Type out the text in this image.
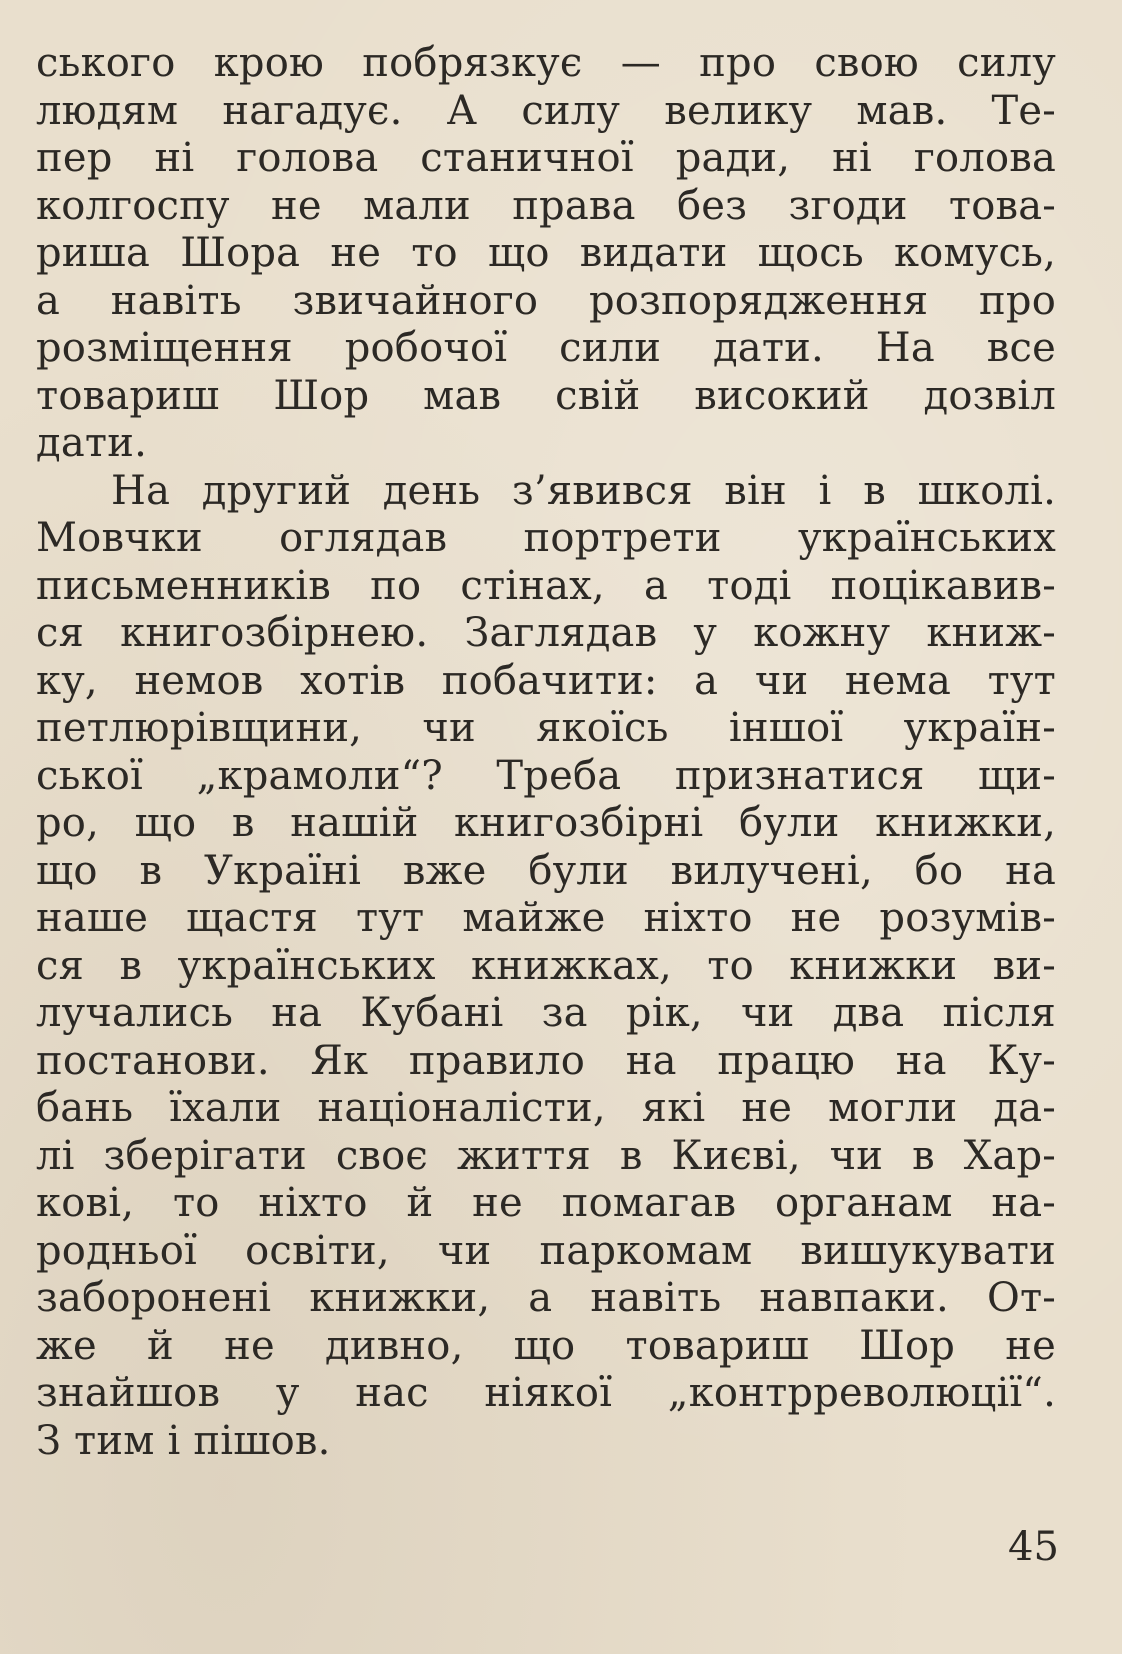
ського крою побрязкує — про свою силу
людям нагадує. А силу велику мав. Те-
пер ні голова станичної ради, ні голова
колгоспу не мали права без згоди това-
риша Шора не то що видати щось комусь,
а навіть звичайного розпорядження про
розміщення робочої сили дати. На все
товариш Шор мав свій високий дозвіл
дати.
На другий день з’явився він і в школі.
Мовчки оглядав портрети українських
письменників по стінах, а тоді поцікавив-
ся книгозбірнею. Заглядав у кожну книж-
ку, немов хотів побачити: а чи нема тут
петлюрівщини, чи якоїсь іншої україн-
ської „крамоли“? Треба признатися щи-
ро, що в нашій книгозбірні були книжки,
що в Україні вже були вилучені, бо на
наше щастя тут майже ніхто не розумів-
ся в українських книжках, то книжки ви-
лучались на Кубані за рік, чи два після
постанови. Як правило на працю на Ку-
бань їхали націоналісти, які не могли да-
лі зберігати своє життя в Києві, чи в Хар-
кові, то ніхто й не помагав органам на-
родньої освіти, чи паркомам вишукувати
заборонені книжки, а навіть навпаки. От-
же й не дивно, що товариш Шор не
знайшов у нас ніякої „контрреволюції“.
З тим і пішов.
45
